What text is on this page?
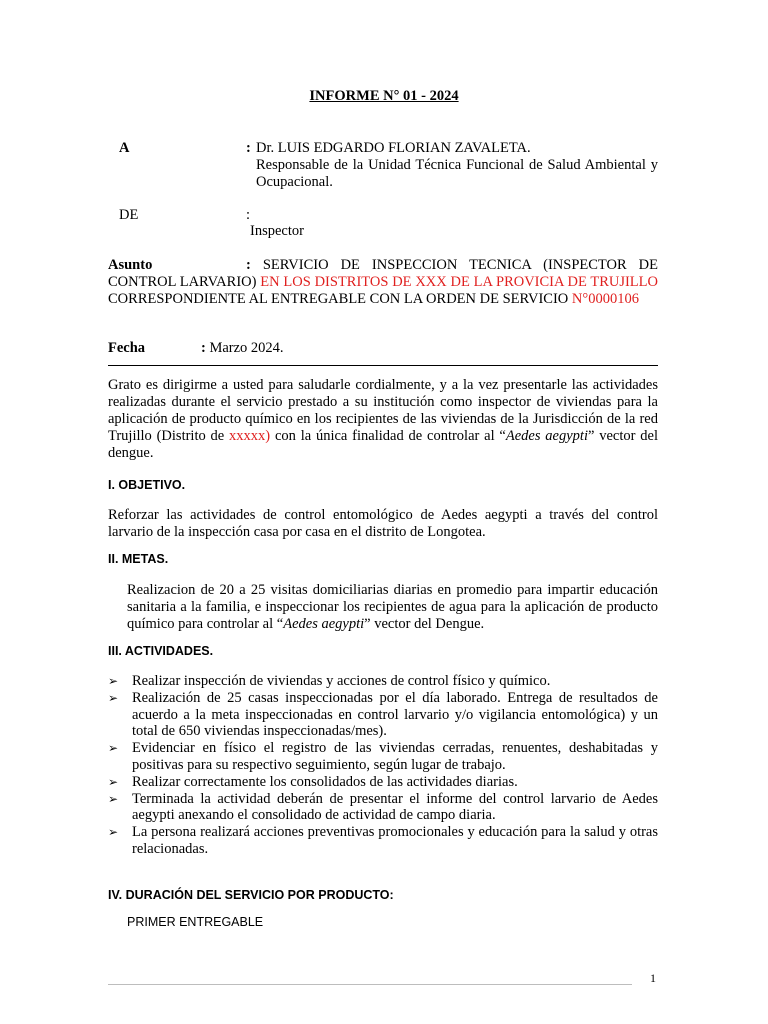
INFORME N° 01 - 2024
A	: Dr. LUIS EDGARDO FLORIAN ZAVALETA.
Responsable de la Unidad Técnica Funcional de Salud Ambiental y Ocupacional.
DE	:
Inspector
Asunto	: SERVICIO DE INSPECCION TECNICA (INSPECTOR DE CONTROL LARVARIO) EN LOS DISTRITOS DE XXX DE LA PROVICIA DE TRUJILLO CORRESPONDIENTE AL ENTREGABLE CON LA ORDEN DE SERVICIO N°0000106
Fecha	: Marzo 2024.
Grato es dirigirme a usted para saludarle cordialmente, y a la vez presentarle las actividades realizadas durante el servicio prestado a su institución como inspector de viviendas para la aplicación de producto químico en los recipientes de las viviendas de la Jurisdicción de la red Trujillo (Distrito de xxxxx) con la única finalidad de controlar al “Aedes aegypti” vector del dengue.
I. OBJETIVO.
Reforzar las actividades de control entomológico de Aedes aegypti a través del control larvario de la inspección casa por casa en el distrito de Longotea.
II. METAS.
Realizacion de 20 a 25 visitas domiciliarias diarias en promedio para impartir educación sanitaria a la familia, e inspeccionar los recipientes de agua para la aplicación de producto químico para controlar al “Aedes aegypti” vector del Dengue.
III. ACTIVIDADES.
➢ Realizar inspección de viviendas y acciones de control físico y químico.
➢ Realización de 25 casas inspeccionadas por el día laborado. Entrega de resultados de acuerdo a la meta inspeccionadas en control larvario y/o vigilancia entomológica) y un total de 650 viviendas inspeccionadas/mes).
➢ Evidenciar en físico el registro de las viviendas cerradas, renuentes, deshabitadas y positivas para su respectivo seguimiento, según lugar de trabajo.
➢ Realizar correctamente los consolidados de las actividades diarias.
➢ Terminada la actividad deberán de presentar el informe del control larvario de Aedes aegypti anexando el consolidado de actividad de campo diaria.
➢ La persona realizará acciones preventivas promocionales y educación para la salud y otras relacionadas.
IV. DURACIÓN DEL SERVICIO POR PRODUCTO:
PRIMER ENTREGABLE
1
